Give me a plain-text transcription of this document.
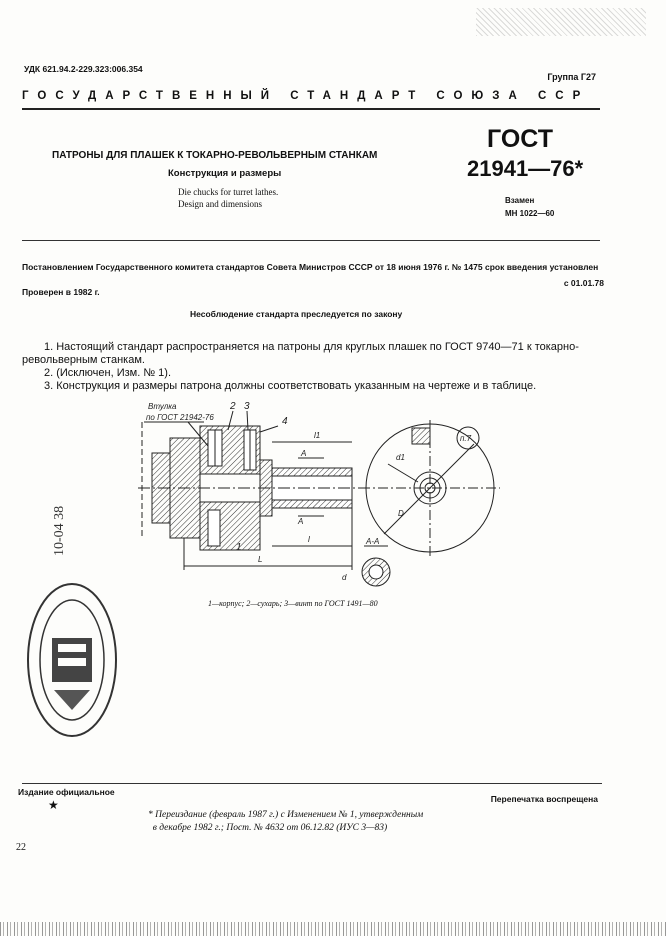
УДК 621.94.2-229.323:006.354
Группа Г27
ГОСУДАРСТВЕННЫЙ СТАНДАРТ СОЮЗА ССР
ПАТРОНЫ ДЛЯ ПЛАШЕК К ТОКАРНО-РЕВОЛЬВЕРНЫМ СТАНКАМ
Конструкция и размеры
Die chucks for turret lathes.
Design and dimensions
ГОСТ
21941—76*
Взамен
МН 1022—60
Постановлением Государственного комитета стандартов Совета Министров СССР от 18 июня 1976 г. № 1475 срок введения установлен
с 01.01.78
Проверен в 1982 г.
Несоблюдение стандарта преследуется по закону
1. Настоящий стандарт распространяется на патроны для круглых плашек по ГОСТ 9740—71 к токарно-револьверным станкам.
2. (Исключен, Изм. № 1).
3. Конструкция и размеры патрона должны соответствовать указанным на чертеже и в таблице.
Втулка
по ГОСТ 21942-76
2 3
4
1
l1
l
L
А
А
d1
D
п.7
А-А
d
1—корпус; 2—сухарь; 3—винт по ГОСТ 1491—80
10-04 38
Издание официальное
★	Перепечатка воспрещена
* Переиздание (февраль 1987 г.) с Изменением № 1, утвержденным
в декабре 1982 г.; Пост. № 4632 от 06.12.82 (ИУС 3—83)
22
